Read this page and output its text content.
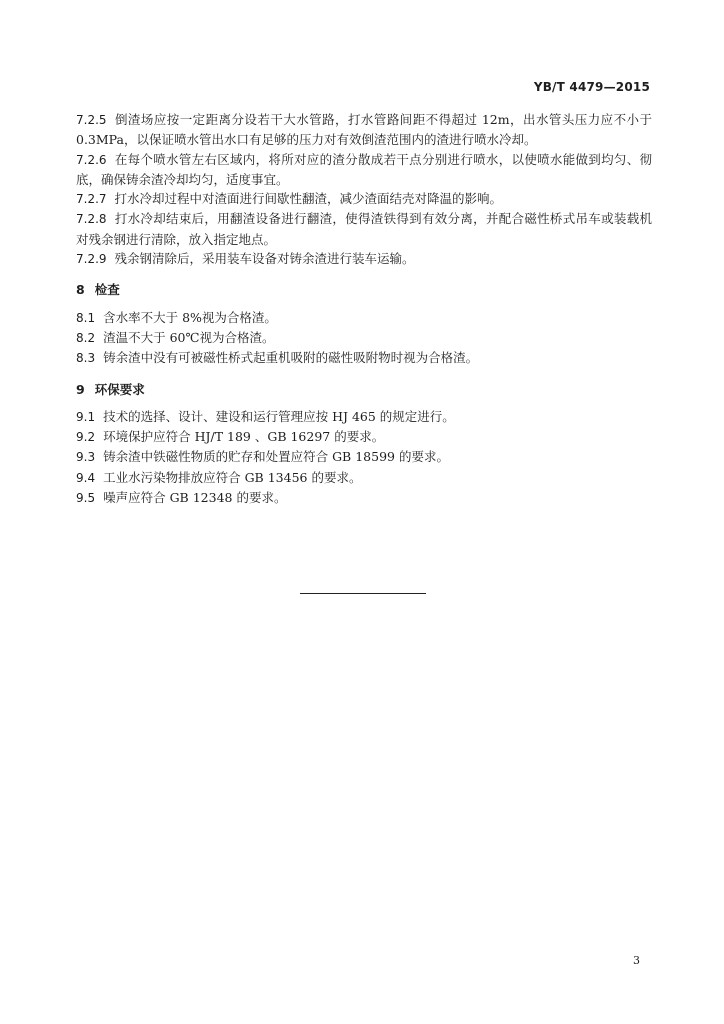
YB/T 4479—2015

7.2.5 倒渣场应按一定距离分设若干大水管路，打水管路间距不得超过 12m，出水管头压力应不小于 0.3MPa，以保证喷水管出水口有足够的压力对有效倒渣范围内的渣进行喷水冷却。

7.2.6 在每个喷水管左右区域内，将所对应的渣分散成若干点分别进行喷水，以使喷水能做到均匀、彻底，确保铸余渣冷却均匀，适度事宜。

7.2.7 打水冷却过程中对渣面进行间歇性翻渣，减少渣面结壳对降温的影响。

7.2.8 打水冷却结束后，用翻渣设备进行翻渣，使得渣铁得到有效分离，并配合磁性桥式吊车或装载机对残余钢进行清除，放入指定地点。

7.2.9 残余钢清除后，采用装车设备对铸余渣进行装车运输。

8 检查

8.1 含水率不大于 8%视为合格渣。

8.2 渣温不大于 60℃视为合格渣。

8.3 铸余渣中没有可被磁性桥式起重机吸附的磁性吸附物时视为合格渣。

9 环保要求

9.1 技术的选择、设计、建设和运行管理应按 HJ 465 的规定进行。

9.2 环境保护应符合 HJ/T 189 、GB 16297 的要求。

9.3 铸余渣中铁磁性物质的贮存和处置应符合 GB 18599 的要求。

9.4 工业水污染物排放应符合 GB 13456 的要求。

9.5 噪声应符合 GB 12348 的要求。

3
